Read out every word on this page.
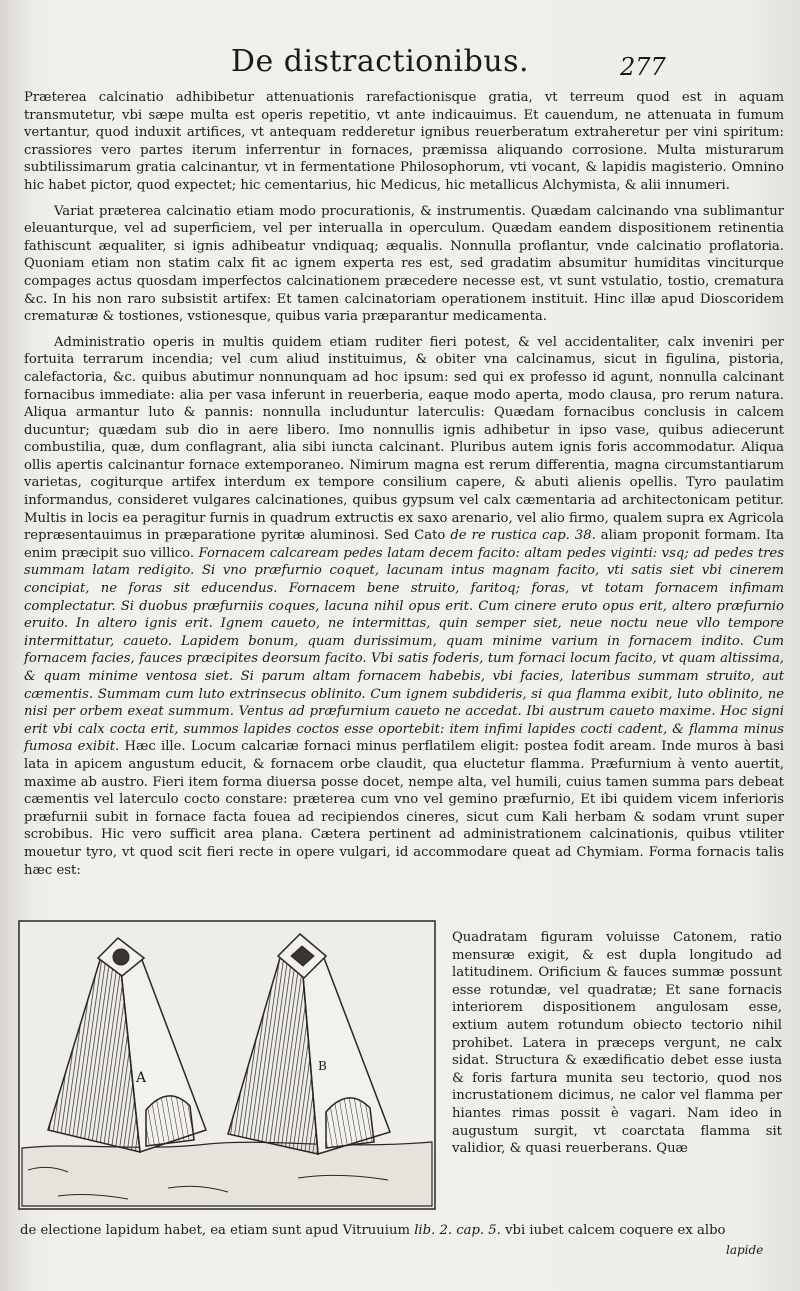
De distractionibus.	277

Præterea calcinatio adhibibetur attenuationis rarefactionisque gratia, vt terreum quod est in aquam transmutetur, vbi sæpe multa est operis repetitio, vt ante indicauimus. Et cauendum, ne attenuata in fumum vertantur, quod induxit artifices, vt antequam redderetur ignibus reuerberatum extraheretur per vini spiritum: crassiores vero partes iterum inferrentur in fornaces, præmissa aliquando corrosione. Multa misturarum subtilissimarum gratia calcinantur, vt in fermentatione Philosophorum, vti vocant, & lapidis magisterio. Omnino hic habet pictor, quod expectet; hic cementarius, hic Medicus, hic metallicus Alchymista, & alii innumeri.

Variat præterea calcinatio etiam modo procurationis, & instrumentis. Quædam calcinando vna sublimantur eleuanturque, vel ad superficiem, vel per interualla in operculum. Quædam eandem dispositionem retinentia fathiscunt æqualiter, si ignis adhibeatur vndiquaq; æqualis. Nonnulla proflantur, vnde calcinatio proflatoria. Quoniam etiam non statim calx fit ac ignem experta res est, sed gradatim absumitur humiditas vinciturque compages actus quosdam imperfectos calcinationem præcedere necesse est, vt sunt vstulatio, tostio, crematura &c. In his non raro subsistit artifex: Et tamen calcinatoriam operationem instituit. Hinc illæ apud Dioscoridem crematuræ & tostiones, vstionesque, quibus varia præparantur medicamenta.

Administratio operis in multis quidem etiam ruditer fieri potest, & vel accidentaliter, calx inveniri per fortuita terrarum incendia; vel cum aliud instituimus, & obiter vna calcinamus, sicut in figulina, pistoria, calefactoria, &c. quibus abutimur nonnunquam ad hoc ipsum: sed qui ex professo id agunt, nonnulla calcinant fornacibus immediate: alia per vasa inferunt in reuerberia, eaque modo aperta, modo clausa, pro rerum natura. Aliqua armantur luto & pannis: nonnulla includuntur laterculis: Quædam fornacibus conclusis in calcem ducuntur; quædam sub dio in aere libero. Imo nonnullis ignis adhibetur in ipso vase, quibus adiecerunt combustilia, quæ, dum conflagrant, alia sibi iuncta calcinant. Pluribus autem ignis foris accommodatur. Aliqua ollis apertis calcinantur fornace extemporaneo. Nimirum magna est rerum differentia, magna circumstantiarum varietas, cogiturque artifex interdum ex tempore consilium capere, & abuti alienis opellis. Tyro paulatim informandus, consideret vulgares calcinationes, quibus gypsum vel calx cæmentaria ad architectonicam petitur. Multis in locis ea peragitur furnis in quadrum extructis ex saxo arenario, vel alio firmo, qualem supra ex Agricola repræsentauimus in præparatione pyritæ aluminosi. Sed Cato de re rustica cap. 38. aliam proponit formam. Ita enim præcipit suo villico. Fornacem calcaream pedes latam decem facito: altam pedes viginti: vsq; ad pedes tres summam latam redigito. Si vno præfurnio coquet, lacunam intus magnam facito, vti satis siet vbi cinerem concipiat, ne foras sit educendus. Fornacem bene struito, faritoq; foras, vt totam fornacem infimam complectatur. Si duobus præfurniis coques, lacuna nihil opus erit. Cum cinere eruto opus erit, altero præfurnio eruito. In altero ignis erit. Ignem caueto, ne intermittas, quin semper siet, neue noctu neue vllo tempore intermittatur, caueto. Lapidem bonum, quam durissimum, quam minime varium in fornacem indito. Cum fornacem facies, fauces præcipites deorsum facito. Vbi satis foderis, tum fornaci locum facito, vt quam altissima, & quam minime ventosa siet. Si parum altam fornacem habebis, vbi facies, lateribus summam struito, aut cæmentis. Summam cum luto extrinsecus oblinito. Cum ignem subdideris, si qua flamma exibit, luto oblinito, ne nisi per orbem exeat summum. Ventus ad præfurnium caueto ne accedat. Ibi austrum caueto maxime. Hoc signi erit vbi calx cocta erit, summos lapides coctos esse oportebit: item infimi lapides cocti cadent, & flamma minus fumosa exibit. Hæc ille. Locum calcariæ fornaci minus perflatilem eligit: postea fodit aream. Inde muros à basi lata in apicem angustum educit, & fornacem orbe claudit, qua eluctetur flamma. Præfurnium à vento auertit, maxime ab austro. Fieri item forma diuersa posse docet, nempe alta, vel humili, cuius tamen summa pars debeat cæmentis vel laterculo cocto constare: præterea cum vno vel gemino præfurnio, Et ibi quidem vicem inferioris præfurnii subit in fornace facta fouea ad recipiendos cineres, sicut cum Kali herbam & sodam vrunt super scrobibus. Hic vero sufficit area plana. Cætera pertinent ad administrationem calcinationis, quibus vtiliter mouetur tyro, vt quod scit fieri recte in opere vulgari, id accommodare queat ad Chymiam. Forma fornacis talis hæc est:

A
B

Quadratam figuram voluisse Catonem, ratio mensuræ exigit, & est dupla longitudo ad latitudinem. Orificium & fauces summæ possunt esse rotundæ, vel quadratæ; Et sane fornacis interiorem dispositionem angulosam esse, extium autem rotundum obiecto tectorio nihil prohibet. Latera in præceps vergunt, ne calx sidat. Structura & exædificatio debet esse iusta & foris fartura munita seu tectorio, quod nos incrustationem dicimus, ne calor vel flamma per hiantes rimas possit è vagari. Nam ideo in augustum surgit, vt coarctata flamma sit validior, & quasi reuerberans. Quæ

de electione lapidum habet, ea etiam sunt apud Vitruuium lib. 2. cap. 5. vbi iubet calcem coquere ex albo
lapide
